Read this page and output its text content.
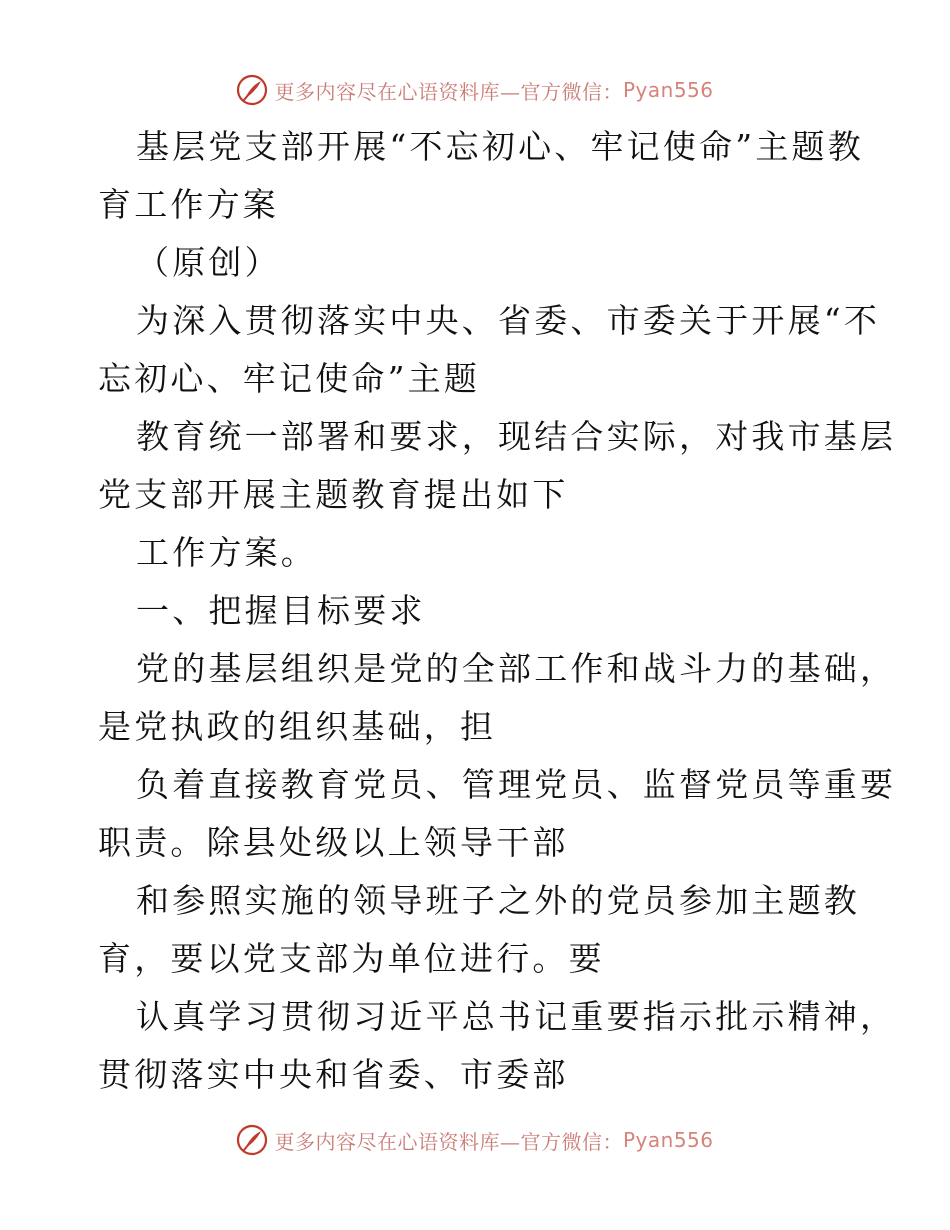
更多内容尽在心语资料库—官方微信： Pyan556
基层党支部开展“不忘初心、牢记使命”主题教
育工作方案
（原创）
为深入贯彻落实中央、省委、市委关于开展“不
忘初心、牢记使命”主题
教育统一部署和要求，现结合实际，对我市基层
党支部开展主题教育提出如下
工作方案。
一、把握目标要求
党的基层组织是党的全部工作和战斗力的基础，
是党执政的组织基础，担
负着直接教育党员、管理党员、监督党员等重要
职责。除县处级以上领导干部
和参照实施的领导班子之外的党员参加主题教
育，要以党支部为单位进行。要
认真学习贯彻习近平总书记重要指示批示精神，
贯彻落实中央和省委、市委部
更多内容尽在心语资料库—官方微信： Pyan556
